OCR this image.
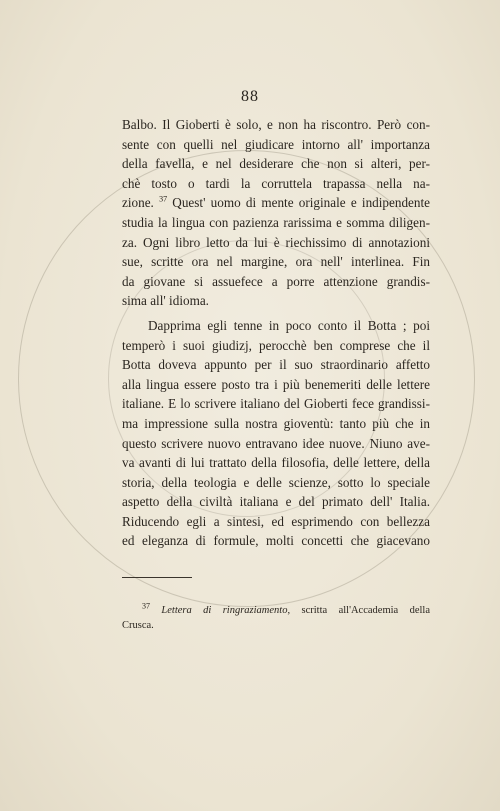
88
Balbo. Il Gioberti è solo, e non ha riscontro. Però con-
sente con quelli nel giudicare intorno all' importanza
della favella, e nel desiderare che non si alteri, per-
chè tosto o tardi la corruttela trapassa nella na-
zione. $^{37}$ Quest' uomo di mente originale e indipendente
studia la lingua con pazienza rarissima e somma diligen-
za. Ogni libro letto da lui è riechissimo di annotazioni
sue, scritte ora nel margine, ora nell' interlinea. Fin
da giovane si assuefece a porre attenzione grandis-
sima all' idioma.
Dapprima egli tenne in poco conto il Botta ; poi
temperò i suoi giudizj, perocchè ben comprese che il
Botta doveva appunto per il suo straordinario affetto
alla lingua essere posto tra i più benemeriti delle lettere
italiane. E lo scrivere italiano del Gioberti fece grandissi-
ma impressione sulla nostra gioventù: tanto più che in
questo scrivere nuovo entravano idee nuove. Niuno ave-
va avanti di lui trattato della filosofia, delle lettere, della
storia, della teologia e delle scienze, sotto lo speciale
aspetto della civiltà italiana e del primato dell' Italia.
Riducendo egli a sintesi, ed esprimendo con bellezza
ed eleganza di formule, molti concetti che giacevano
$^{37}$ Lettera di ringraziamento, scritta all'Accademia della
Crusca.
